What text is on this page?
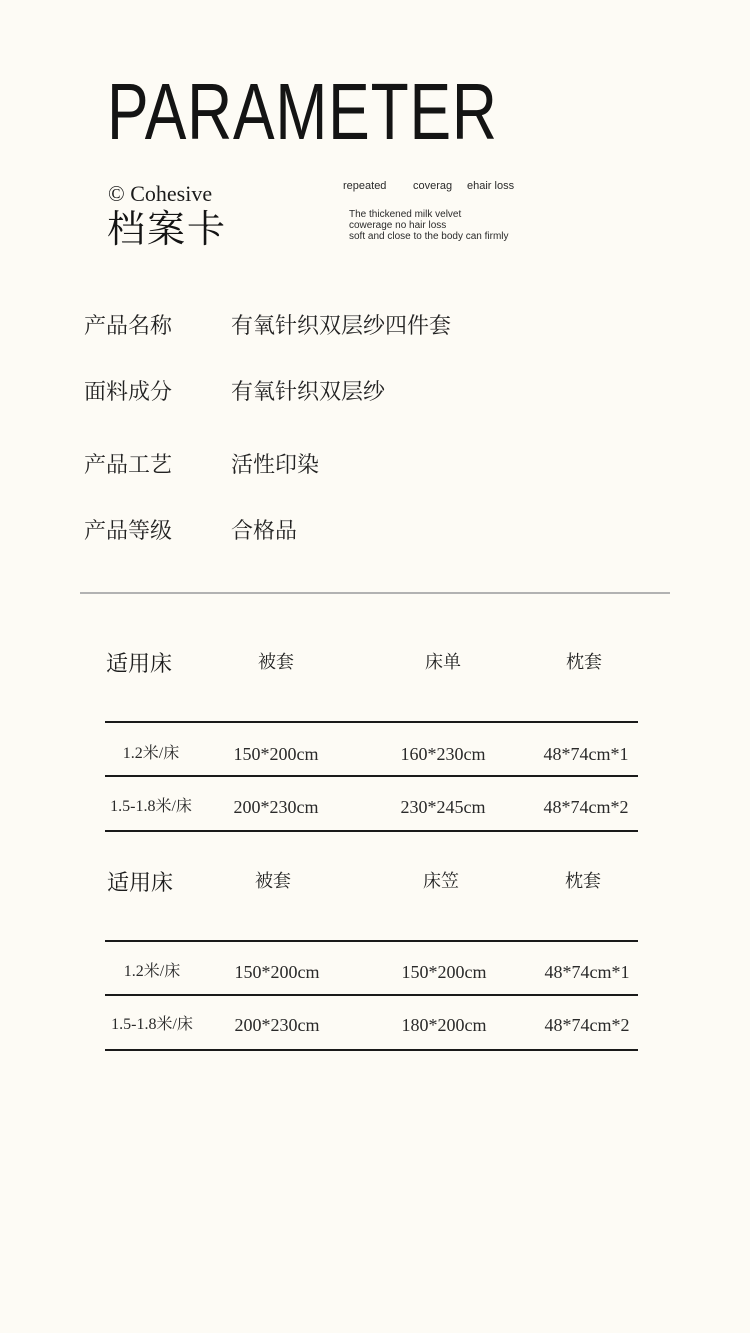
PARAMETER
© Cohesive
档案卡
repeated coverag ehair loss
The thickened milk velvet
cowerage no hair loss
soft and close to the body can firmly
产品名称	有氧针织双层纱四件套
面料成分	有氧针织双层纱
产品工艺	活性印染
产品等级	合格品
适用床	被套	床单	枕套
1.2米/床	150*200cm	160*230cm	48*74cm*1
1.5-1.8米/床 200*230cm	230*245cm	48*74cm*2
适用床	被套	床笠	枕套
1.2米/床	150*200cm	150*200cm	48*74cm*1
1.5-1.8米/床 200*230cm	180*200cm	48*74cm*2
